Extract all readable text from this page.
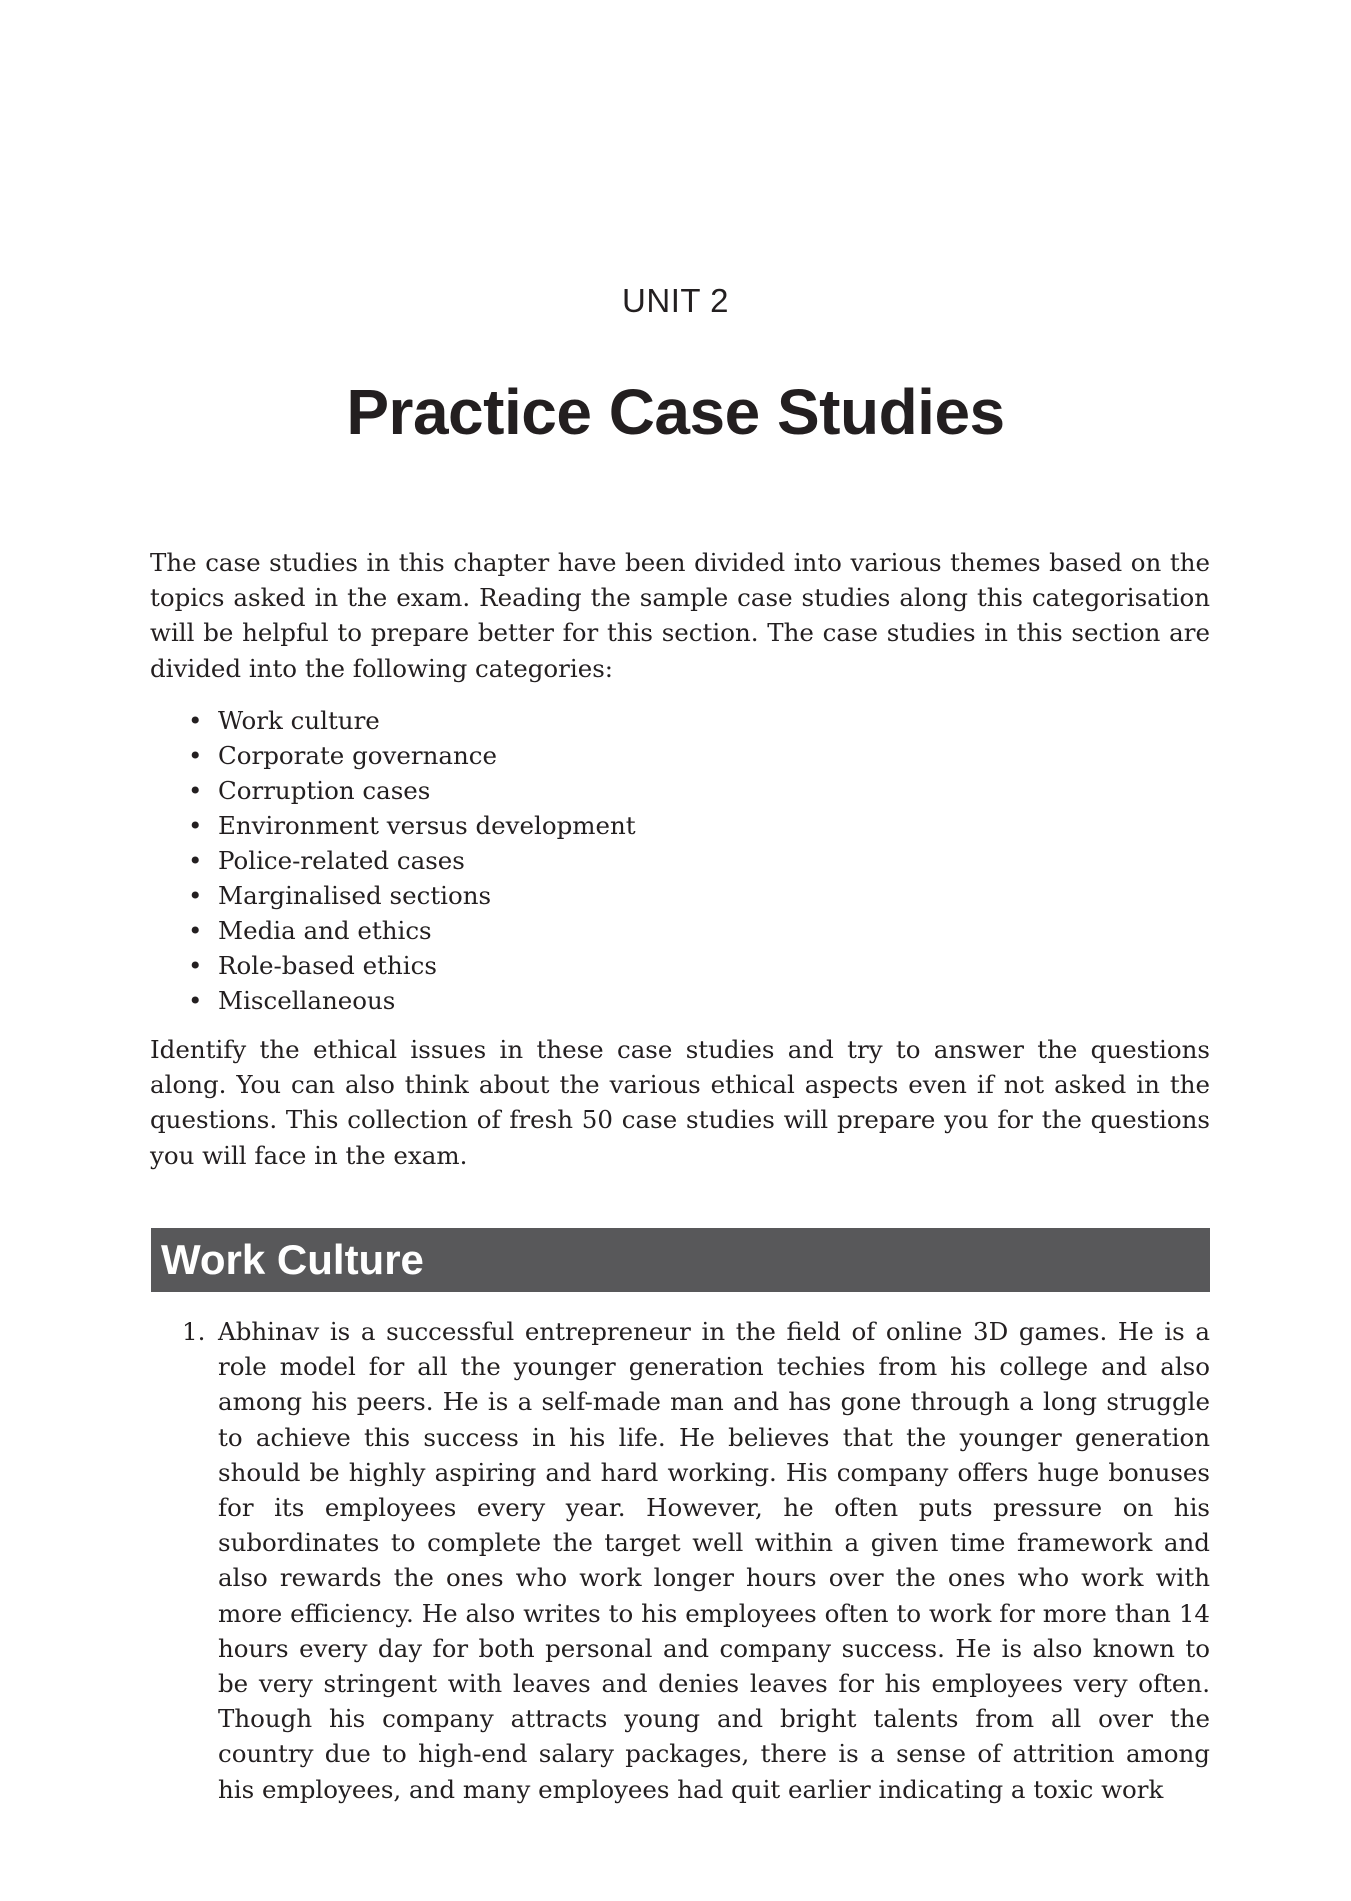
UNIT 2
Practice Case Studies

The case studies in this chapter have been divided into various themes based on the topics asked in the exam. Reading the sample case studies along this categorisation will be helpful to prepare better for this section. The case studies in this section are divided into the following categories:

• Work culture
• Corporate governance
• Corruption cases
• Environment versus development
• Police-related cases
• Marginalised sections
• Media and ethics
• Role-based ethics
• Miscellaneous

Identify the ethical issues in these case studies and try to answer the questions along. You can also think about the various ethical aspects even if not asked in the questions. This collection of fresh 50 case studies will prepare you for the questions you will face in the exam.

Work Culture
1. Abhinav is a successful entrepreneur in the field of online 3D games. He is a role model for all the younger generation techies from his college and also among his peers. He is a self-made man and has gone through a long struggle to achieve this success in his life. He believes that the younger generation should be highly aspiring and hard working. His company offers huge bonuses for its employees every year. However, he often puts pressure on his subordinates to complete the target well within a given time framework and also rewards the ones who work longer hours over the ones who work with more efficiency. He also writes to his employees often to work for more than 14 hours every day for both personal and company success. He is also known to be very stringent with leaves and denies leaves for his employees very often. Though his company attracts young and bright talents from all over the country due to high-end salary packages, there is a sense of attrition among his employees, and many employees had quit earlier indicating a toxic work
